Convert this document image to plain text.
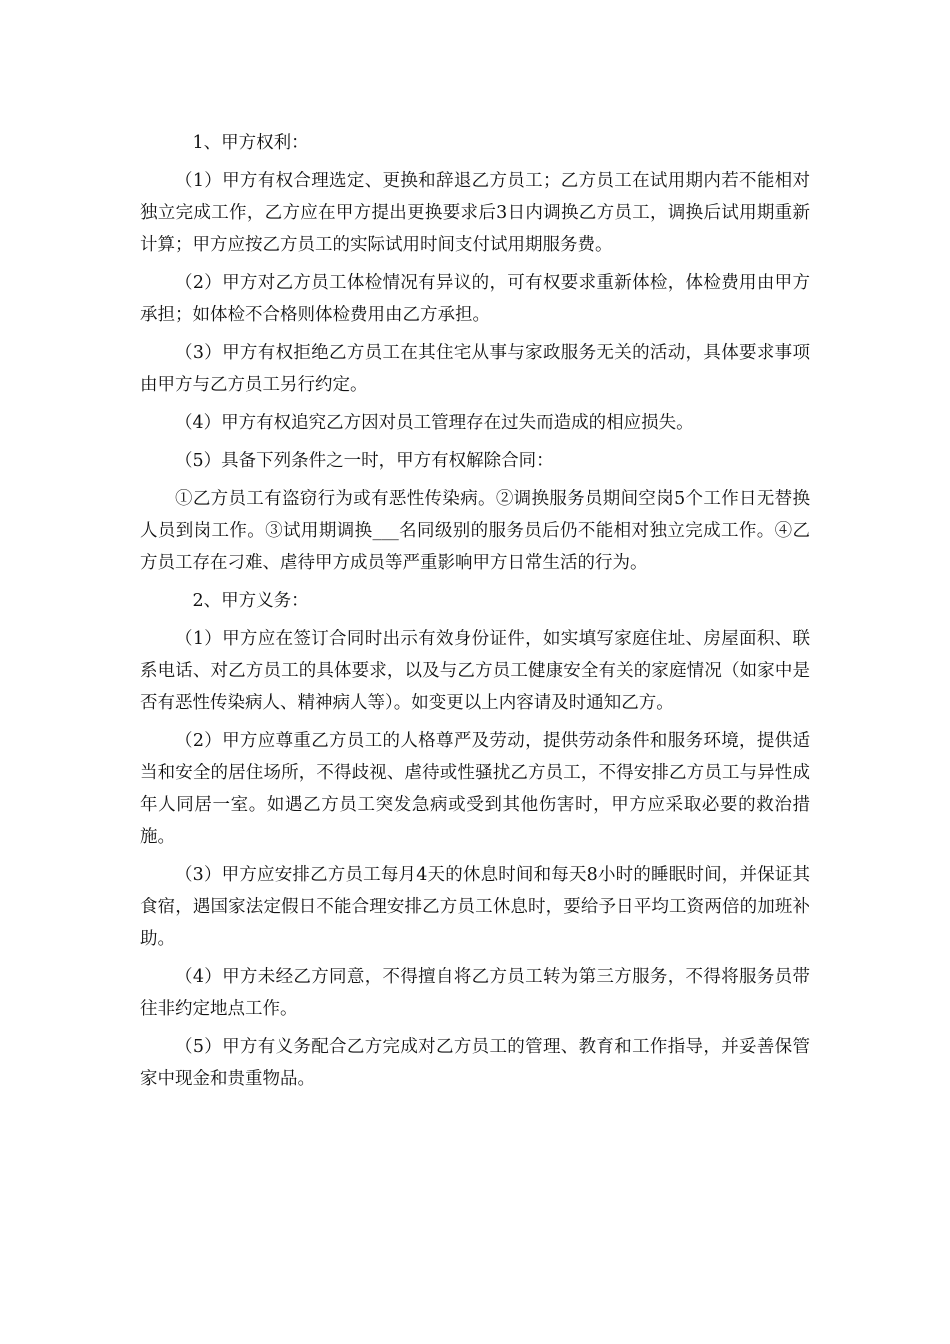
1、甲方权利：

（1）甲方有权合理选定、更换和辞退乙方员工；乙方员工在试用期内若不能相对独立完成工作，乙方应在甲方提出更换要求后3日内调换乙方员工，调换后试用期重新计算；甲方应按乙方员工的实际试用时间支付试用期服务费。

（2）甲方对乙方员工体检情况有异议的，可有权要求重新体检，体检费用由甲方承担；如体检不合格则体检费用由乙方承担。

（3）甲方有权拒绝乙方员工在其住宅从事与家政服务无关的活动，具体要求事项由甲方与乙方员工另行约定。

（4）甲方有权追究乙方因对员工管理存在过失而造成的相应损失。

（5）具备下列条件之一时，甲方有权解除合同：

①乙方员工有盗窃行为或有恶性传染病。②调换服务员期间空岗5个工作日无替换人员到岗工作。③试用期调换___名同级别的服务员后仍不能相对独立完成工作。④乙方员工存在刁难、虐待甲方成员等严重影响甲方日常生活的行为。

2、甲方义务：

（1）甲方应在签订合同时出示有效身份证件，如实填写家庭住址、房屋面积、联系电话、对乙方员工的具体要求，以及与乙方员工健康安全有关的家庭情况（如家中是否有恶性传染病人、精神病人等）。如变更以上内容请及时通知乙方。

（2）甲方应尊重乙方员工的人格尊严及劳动，提供劳动条件和服务环境，提供适当和安全的居住场所，不得歧视、虐待或性骚扰乙方员工，不得安排乙方员工与异性成年人同居一室。如遇乙方员工突发急病或受到其他伤害时，甲方应采取必要的救治措施。

（3）甲方应安排乙方员工每月4天的休息时间和每天8小时的睡眠时间，并保证其食宿，遇国家法定假日不能合理安排乙方员工休息时，要给予日平均工资两倍的加班补助。

（4）甲方未经乙方同意，不得擅自将乙方员工转为第三方服务，不得将服务员带往非约定地点工作。

（5）甲方有义务配合乙方完成对乙方员工的管理、教育和工作指导，并妥善保管家中现金和贵重物品。
